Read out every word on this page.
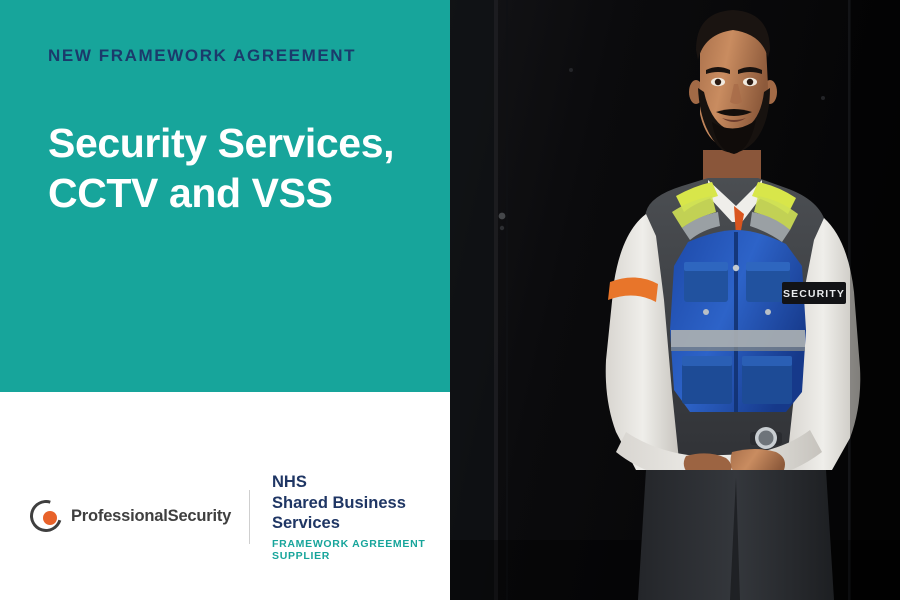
NEW FRAMEWORK AGREEMENT
Security Services,
CCTV and VSS
ProfessionalSecurity
NHS
Shared Business Services
FRAMEWORK AGREEMENT SUPPLIER
SECURITY
